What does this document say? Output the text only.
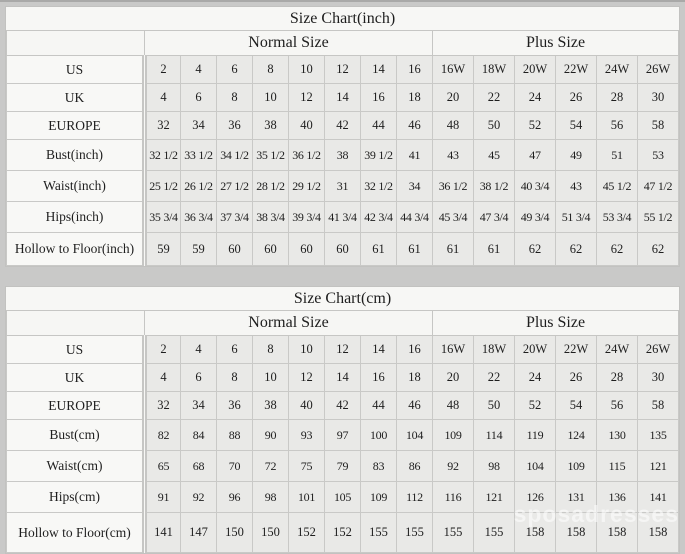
Size Chart(inch)														
	Normal Size								Plus Size					
US	2	4	6	8	10	12	14	16	16W	18W	20W	22W	24W	26W
UK	4	6	8	10	12	14	16	18	20	22	24	26	28	30
EUROPE	32	34	36	38	40	42	44	46	48	50	52	54	56	58
Bust(inch)	32 1/2	33 1/2	34 1/2	35 1/2	36 1/2	38	39 1/2	41	43	45	47	49	51	53
Waist(inch)	25 1/2	26 1/2	27 1/2	28 1/2	29 1/2	31	32 1/2	34	36 1/2	38 1/2	40 3/4	43	45 1/2	47 1/2
Hips(inch)	35 3/4	36 3/4	37 3/4	38 3/4	39 3/4	41 3/4	42 3/4	44 3/4	45 3/4	47 3/4	49 3/4	51 3/4	53 3/4	55 1/2
Hollow to Floor(inch)	59	59	60	60	60	60	61	61	61	61	62	62	62	62
Size Chart(cm)														
	Normal Size								Plus Size					
US	2	4	6	8	10	12	14	16	16W	18W	20W	22W	24W	26W
UK	4	6	8	10	12	14	16	18	20	22	24	26	28	30
EUROPE	32	34	36	38	40	42	44	46	48	50	52	54	56	58
Bust(cm)	82	84	88	90	93	97	100	104	109	114	119	124	130	135
Waist(cm)	65	68	70	72	75	79	83	86	92	98	104	109	115	121
Hips(cm)	91	92	96	98	101	105	109	112	116	121	126	131	136	141
Hollow to Floor(cm)	141	147	150	150	152	152	155	155	155	155	158	158	158	158
sposadresses
